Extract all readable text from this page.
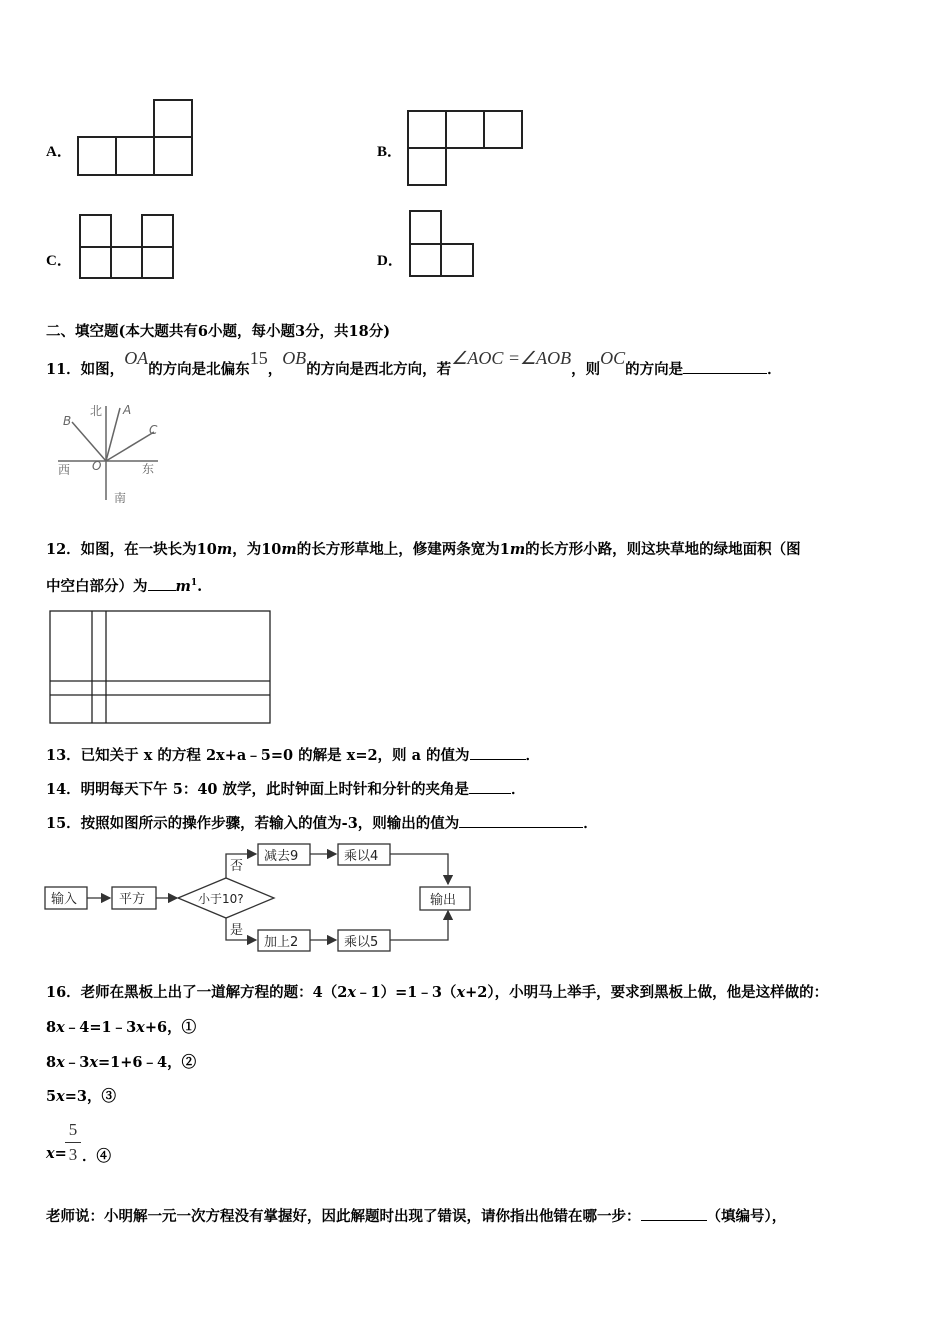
A．	B．
C．	D．
二、填空题(本大题共有6小题，每小题3分，共18分)
11．如图，OA的方向是北偏东15，OB的方向是西北方向，若∠AOC =∠AOB，则OC的方向是	．
北
南
西	东
A
B
C
O
12．如图，在一块长为10m，为10m的长方形草地上，修建两条宽为1m的长方形小路，则这块草地的绿地面积（图
中空白部分）为 $m^1$.
13．已知关于 x 的方程 2x+a﹣5=0 的解是 x=2，则 a 的值为	．
14．明明每天下午 5：40 放学，此时钟面上时针和分针的夹角是	．
15．按照如图所示的操作步骤，若输入的值为-3，则输出的值为	．
输入	平方	小于10?
否
是
减去9	乘以4
加上2	乘以5
输出
16．老师在黑板上出了一道解方程的题：4（2x﹣1）=1﹣3（x+2），小明马上举手，要求到黑板上做，他是这样做的：
8x﹣4=1﹣3x+6，①
8x﹣3x=1+6﹣4，②
5x=3，③
x=
5
3 ．④
老师说：小明解一元一次方程没有掌握好，因此解题时出现了错误，请你指出他错在哪一步：	（填编号），
